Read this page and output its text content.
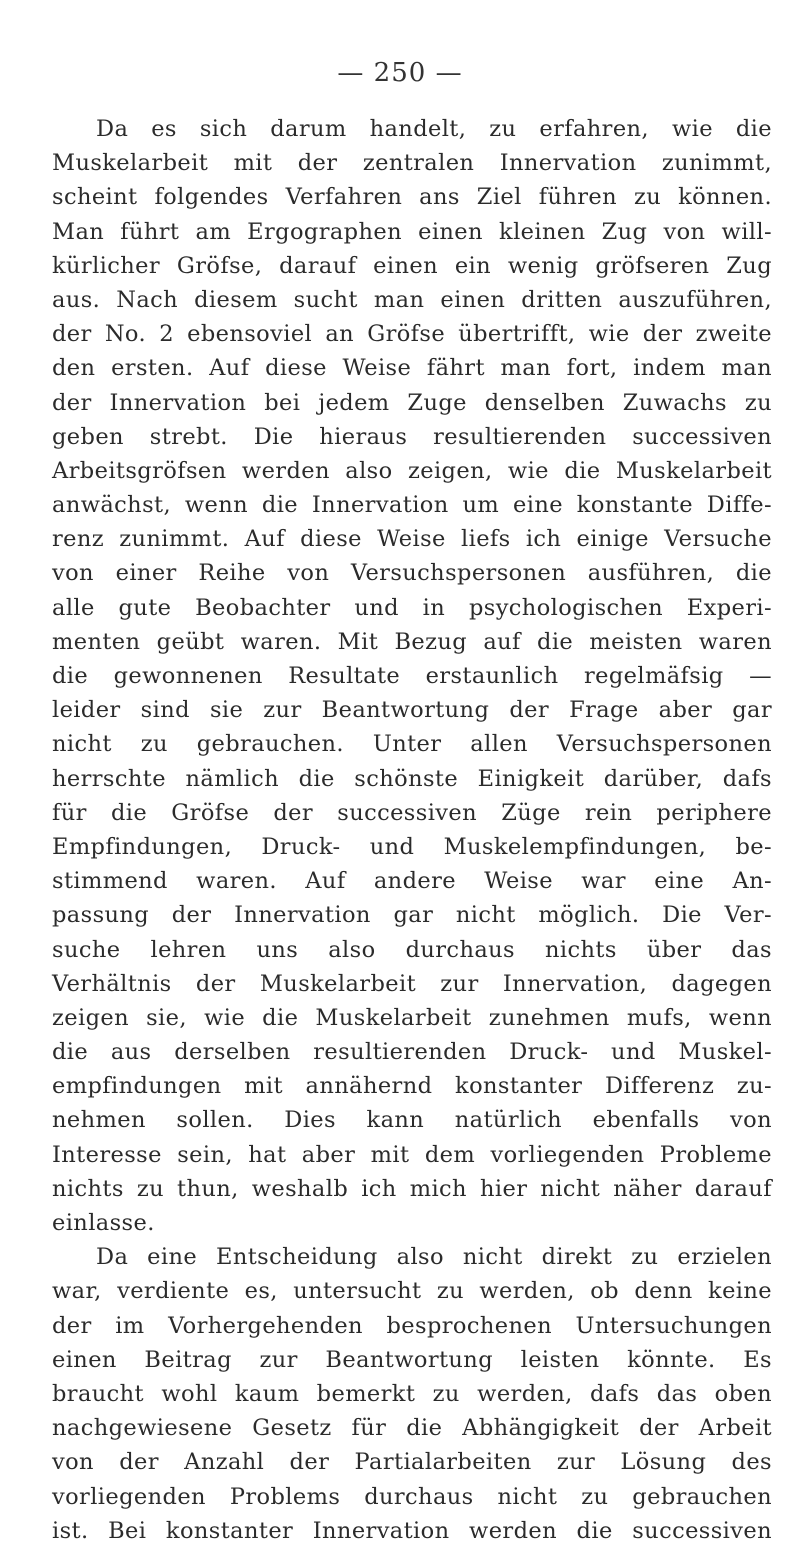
— 250 —
Da es sich darum handelt, zu erfahren, wie die
Muskelarbeit mit der zentralen Innervation zunimmt,
scheint folgendes Verfahren ans Ziel führen zu können.
Man führt am Ergographen einen kleinen Zug von will-
kürlicher Gröfse, darauf einen ein wenig gröfseren Zug
aus. Nach diesem sucht man einen dritten auszuführen,
der No. 2 ebensoviel an Gröfse übertrifft, wie der zweite
den ersten. Auf diese Weise fährt man fort, indem man
der Innervation bei jedem Zuge denselben Zuwachs zu
geben strebt. Die hieraus resultierenden successiven
Arbeitsgröfsen werden also zeigen, wie die Muskelarbeit
anwächst, wenn die Innervation um eine konstante Diffe-
renz zunimmt. Auf diese Weise liefs ich einige Versuche
von einer Reihe von Versuchspersonen ausführen, die
alle gute Beobachter und in psychologischen Experi-
menten geübt waren. Mit Bezug auf die meisten waren
die gewonnenen Resultate erstaunlich regelmäfsig —
leider sind sie zur Beantwortung der Frage aber gar
nicht zu gebrauchen. Unter allen Versuchspersonen
herrschte nämlich die schönste Einigkeit darüber, dafs
für die Gröfse der successiven Züge rein periphere
Empfindungen, Druck- und Muskelempfindungen, be-
stimmend waren. Auf andere Weise war eine An-
passung der Innervation gar nicht möglich. Die Ver-
suche lehren uns also durchaus nichts über das
Verhältnis der Muskelarbeit zur Innervation, dagegen
zeigen sie, wie die Muskelarbeit zunehmen mufs, wenn
die aus derselben resultierenden Druck- und Muskel-
empfindungen mit annähernd konstanter Differenz zu-
nehmen sollen. Dies kann natürlich ebenfalls von
Interesse sein, hat aber mit dem vorliegenden Probleme
nichts zu thun, weshalb ich mich hier nicht näher darauf
einlasse.
Da eine Entscheidung also nicht direkt zu erzielen
war, verdiente es, untersucht zu werden, ob denn keine
der im Vorhergehenden besprochenen Untersuchungen
einen Beitrag zur Beantwortung leisten könnte. Es
braucht wohl kaum bemerkt zu werden, dafs das oben
nachgewiesene Gesetz für die Abhängigkeit der Arbeit
von der Anzahl der Partialarbeiten zur Lösung des
vorliegenden Problems durchaus nicht zu gebrauchen
ist. Bei konstanter Innervation werden die successiven
